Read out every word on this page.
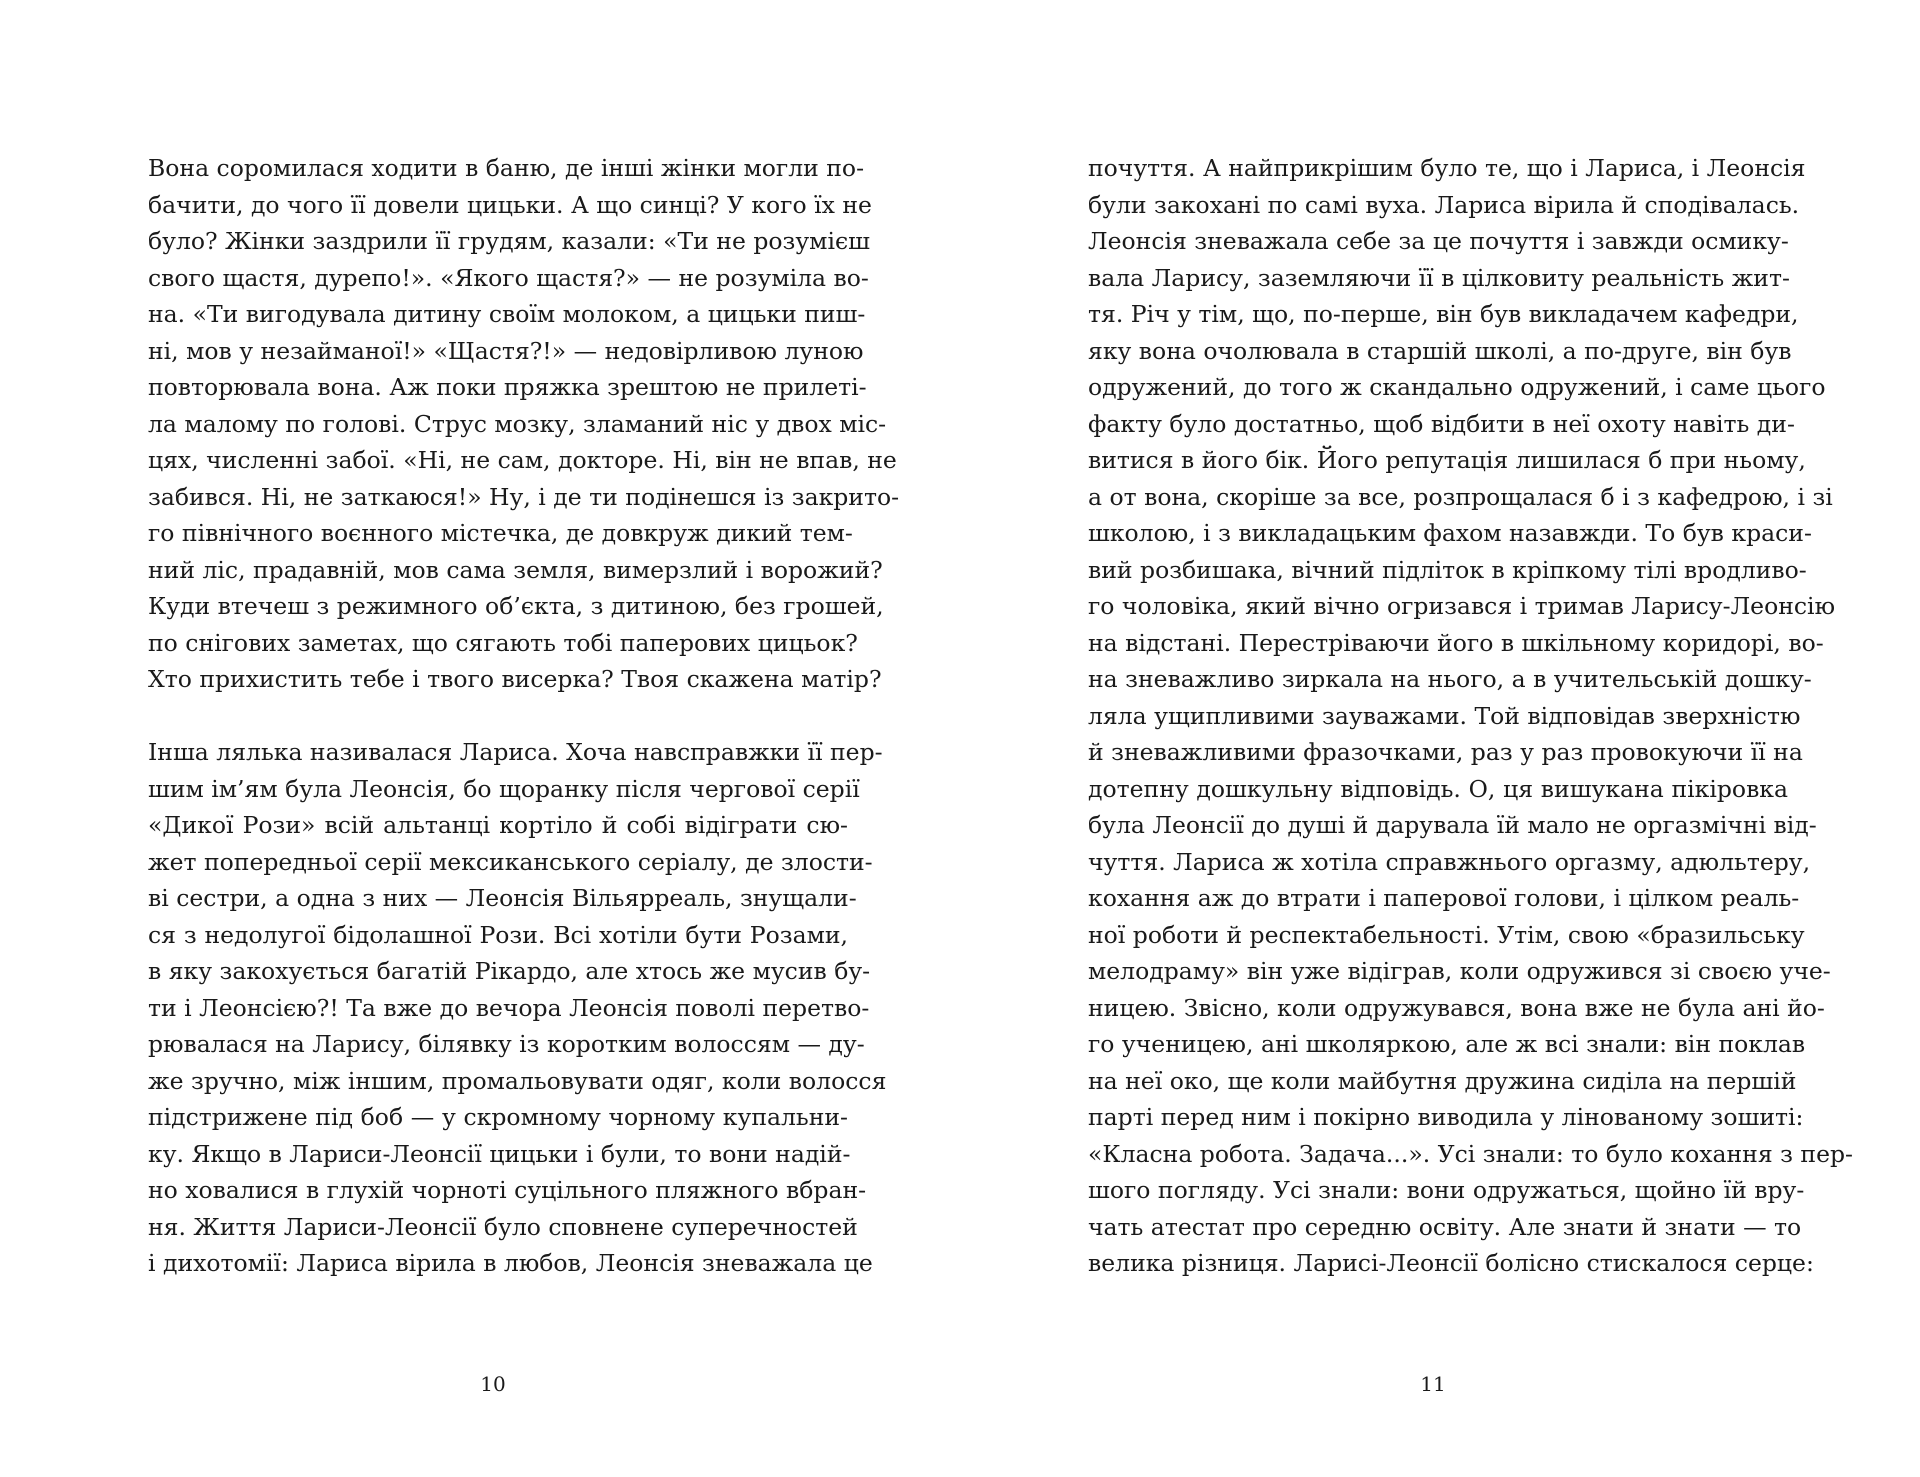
Вона соромилася ходити в баню, де інші жінки могли по-
бачити, до чого її довели цицьки. А що синці? У кого їх не
було? Жінки заздрили її грудям, казали: «Ти не розумієш
свого щастя, дурепо!». «Якого щастя?» — не розуміла во-
на. «Ти вигодувала дитину своїм молоком, а цицьки пиш-
ні, мов у незайманої!» «Щастя?!» — недовірливою луною
повторювала вона. Аж поки пряжка зрештою не прилеті-
ла малому по голові. Струс мозку, зламаний ніс у двох міс-
цях, численні забої. «Ні, не сам, докторе. Ні, він не впав, не
забився. Ні, не заткаюся!» Ну, і де ти подінешся із закрито-
го північного воєнного містечка, де довкруж дикий тем-
ний ліс, прадавній, мов сама земля, вимерзлий і ворожий?
Куди втечеш з режимного об’єкта, з дитиною, без грошей,
по снігових заметах, що сягають тобі паперових цицьок?
Хто прихистить тебе і твого висерка? Твоя скажена матір?
Інша лялька називалася Лариса. Хоча навсправжки її пер-
шим ім’ям була Леонсія, бо щоранку після чергової серії
«Дикої Рози» всій альтанці кортіло й собі відіграти сю-
жет попередньої серії мексиканського серіалу, де злости-
ві сестри, а одна з них — Леонсія Вільярреаль, знущали-
ся з недолугої бідолашної Рози. Всі хотіли бути Розами,
в яку закохується багатій Рікардо, але хтось же мусив бу-
ти і Леонсією?! Та вже до вечора Леонсія поволі перетво-
рювалася на Ларису, білявку із коротким волоссям — ду-
же зручно, між іншим, промальовувати одяг, коли волосся
підстрижене під боб — у скромному чорному купальни-
ку. Якщо в Лариси-Леонсії цицьки і були, то вони надій-
но ховалися в глухій чорноті суцільного пляжного вбран-
ня. Життя Лариси-Леонсії було сповнене суперечностей
і дихотомії: Лариса вірила в любов, Леонсія зневажала це
10
почуття. А найприкрішим було те, що і Лариса, і Леонсія
були закохані по самі вуха. Лариса вірила й сподівалась.
Леонсія зневажала себе за це почуття і завжди осмику-
вала Ларису, заземляючи її в цілковиту реальність жит-
тя. Річ у тім, що, по-перше, він був викладачем кафедри,
яку вона очолювала в старшій школі, а по-друге, він був
одружений, до того ж скандально одружений, і саме цього
факту було достатньо, щоб відбити в неї охоту навіть ди-
витися в його бік. Його репутація лишилася б при ньому,
а от вона, скоріше за все, розпрощалася б і з кафедрою, і зі
школою, і з викладацьким фахом назавжди. То був краси-
вий розбишака, вічний підліток в кріпкому тілі вродливо-
го чоловіка, який вічно огризався і тримав Ларису-Леонсію
на відстані. Перестріваючи його в шкільному коридорі, во-
на зневажливо зиркала на нього, а в учительській дошку-
ляла ущипливими зауважами. Той відповідав зверхністю
й зневажливими фразочками, раз у раз провокуючи її на
дотепну дошкульну відповідь. О, ця вишукана пікіровка
була Леонсії до душі й дарувала їй мало не оргазмічні від-
чуття. Лариса ж хотіла справжнього оргазму, адюльтеру,
кохання аж до втрати і паперової голови, і цілком реаль-
ної роботи й респектабельності. Утім, свою «бразильську
мелодраму» він уже відіграв, коли одружився зі своєю уче-
ницею. Звісно, коли одружувався, вона вже не була ані йо-
го ученицею, ані школяркою, але ж всі знали: він поклав
на неї око, ще коли майбутня дружина сиділа на першій
парті перед ним і покірно виводила у лінованому зошиті:
«Класна робота. Задача...». Усі знали: то було кохання з пер-
шого погляду. Усі знали: вони одружаться, щойно їй вру-
чать атестат про середню освіту. Але знати й знати — то
велика різниця. Ларисі-Леонсії болісно стискалося серце:
11
